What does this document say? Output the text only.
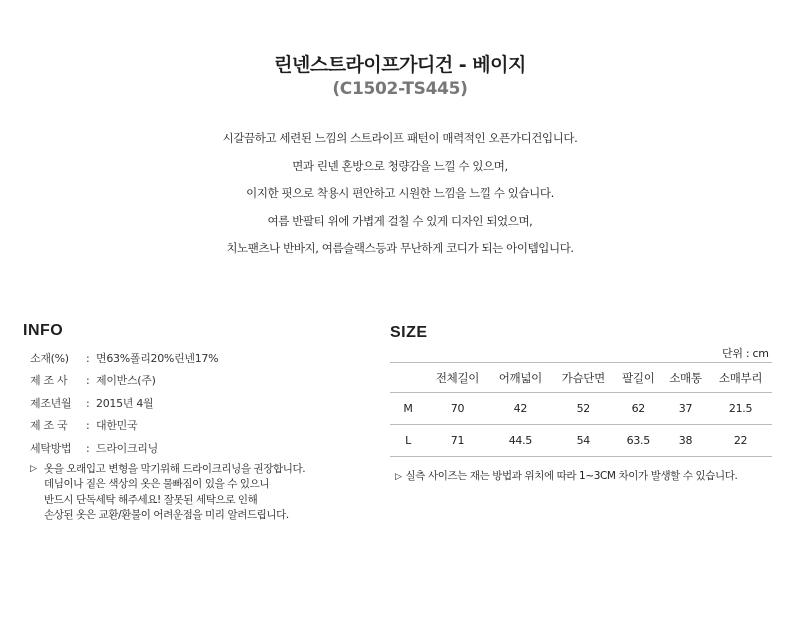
린넨스트라이프가디건 - 베이지
(C1502-TS445)

시갈끔하고 세련된 느낌의 스트라이프 패턴이 매력적인 오픈가디건입니다.

면과 린넨 혼방으로 청량감을 느낄 수 있으며,

이지한 핏으로 착용시 편안하고 시원한 느낌을 느낄 수 있습니다.

여름 반팔티 위에 가볍게 걸칠 수 있게 디자인 되었으며,

치노팬츠나 반바지, 여름슬랙스등과 무난하게 코디가 되는 아이템입니다.

INFO
소재(%) : 면63%폴리20%린넨17%
제 조 사 : 제이반스(주)
제조년월 : 2015년 4월
제 조 국 : 대한민국
세탁방법 : 드라이크리닝
▷ 옷을 오래입고 변형을 막기위해 드라이크리닝을 권장합니다.
데님이나 짙은 색상의 옷은 물빠짐이 있을 수 있으니
반드시 단독세탁 해주세요! 잘못된 세탁으로 인해
손상된 옷은 교환/환불이 어려운점을 미리 알려드립니다.
SIZE
단위 : cm
	전체길이	어깨넓이	가슴단면	팔길이	소매통	소매부리
M	70	42	52	62	37	21.5
L	71	44.5	54	63.5	38	22
▷ 실측 사이즈는 재는 방법과 위치에 따라 1~3CM 차이가 발생할 수 있습니다.
